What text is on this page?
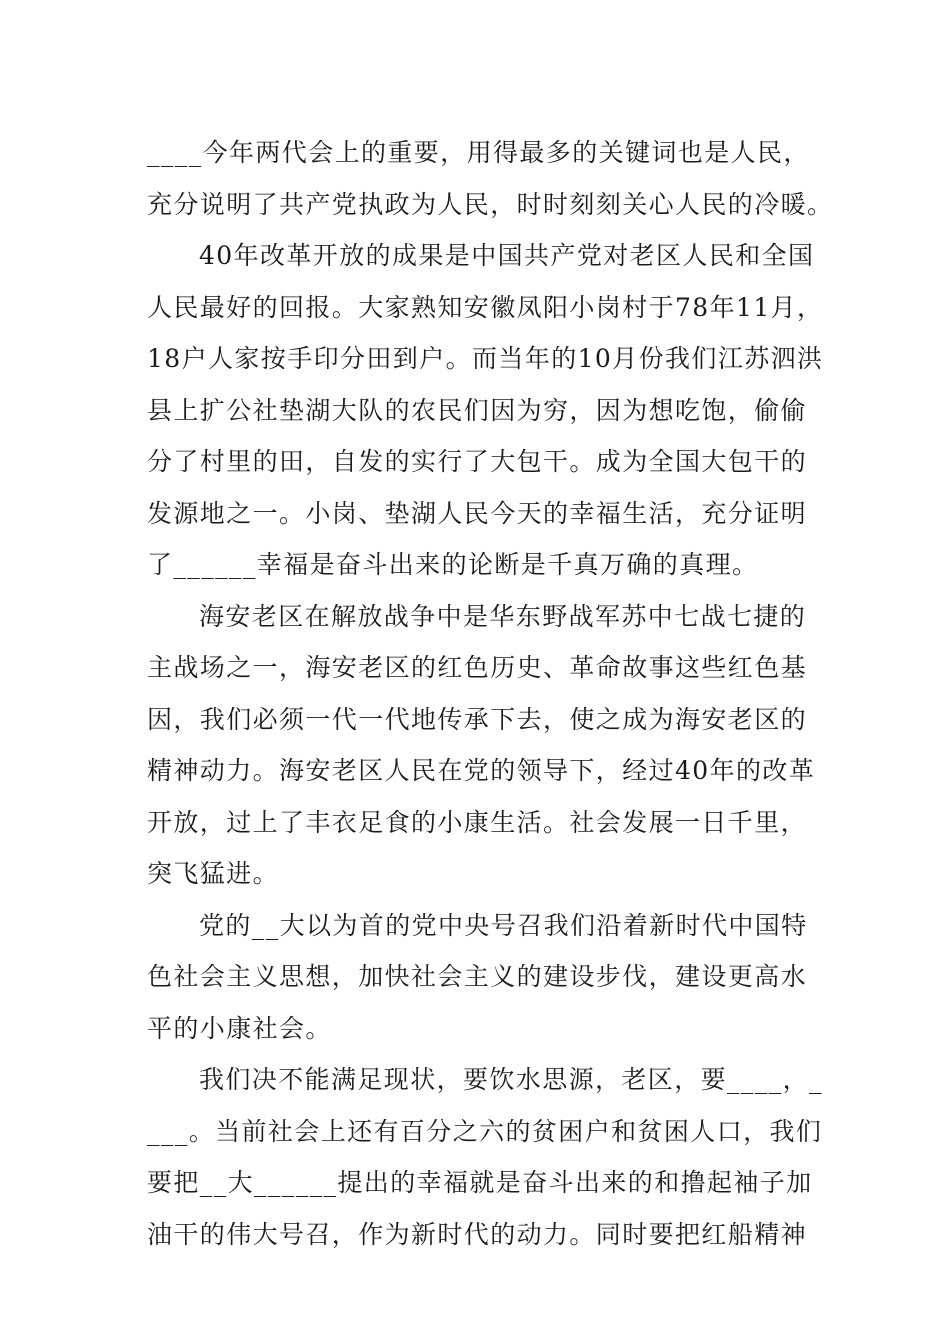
____今年两代会上的重要，用得最多的关键词也是人民，
充分说明了共产党执政为人民，时时刻刻关心人民的冷暖。
40年改革开放的成果是中国共产党对老区人民和全国
人民最好的回报。大家熟知安徽凤阳小岗村于78年11月，
18户人家按手印分田到户。而当年的10月份我们江苏泗洪
县上扩公社垫湖大队的农民们因为穷，因为想吃饱，偷偷
分了村里的田，自发的实行了大包干。成为全国大包干的
发源地之一。小岗、垫湖人民今天的幸福生活，充分证明
了______幸福是奋斗出来的论断是千真万确的真理。
海安老区在解放战争中是华东野战军苏中七战七捷的
主战场之一，海安老区的红色历史、革命故事这些红色基
因，我们必须一代一代地传承下去，使之成为海安老区的
精神动力。海安老区人民在党的领导下，经过40年的改革
开放，过上了丰衣足食的小康生活。社会发展一日千里，
突飞猛进。
党的__大以为首的党中央号召我们沿着新时代中国特
色社会主义思想，加快社会主义的建设步伐，建设更高水
平的小康社会。
我们决不能满足现状，要饮水思源，老区，要____，_
___。当前社会上还有百分之六的贫困户和贫困人口，我们
要把__大______提出的幸福就是奋斗出来的和撸起袖子加
油干的伟大号召，作为新时代的动力。同时要把红船精神
